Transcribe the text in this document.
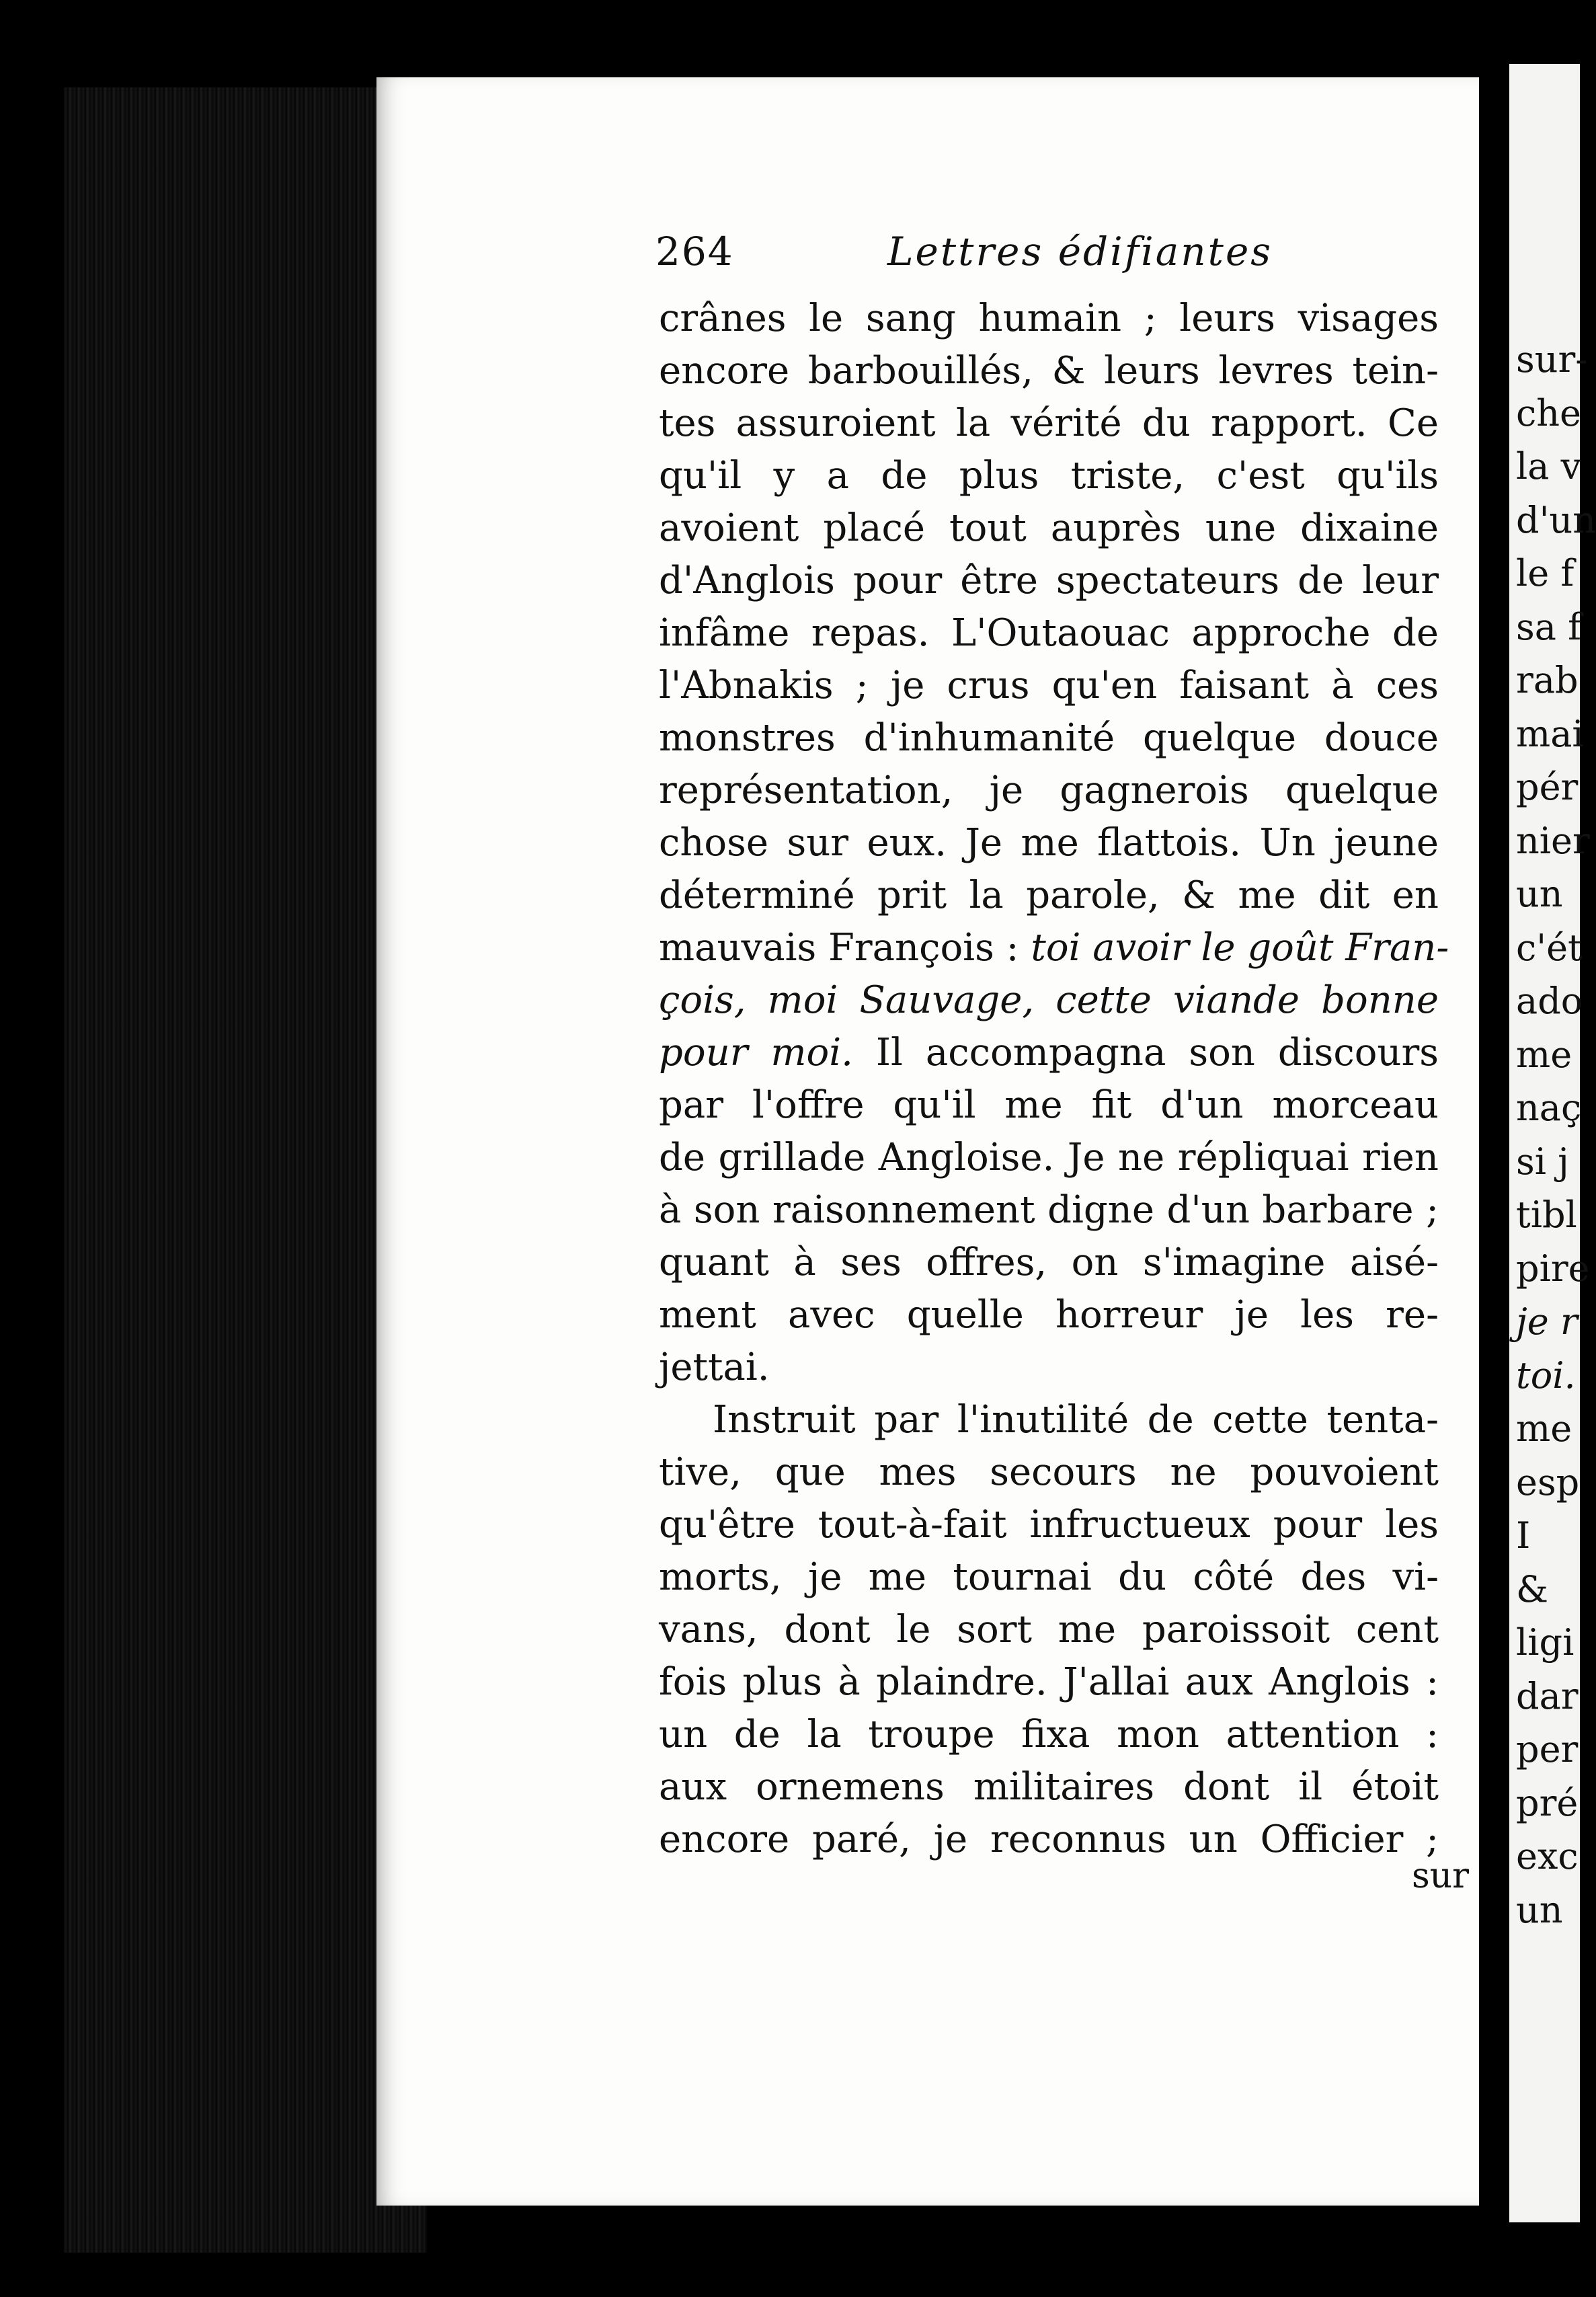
264	Lettres édifiantes
crânes le sang humain ; leurs visages
encore barbouillés, & leurs levres tein-
tes assuroient la vérité du rapport. Ce
qu'il y a de plus triste, c'est qu'ils
avoient placé tout auprès une dixaine
d'Anglois pour être spectateurs de leur
infâme repas. L'Outaouac approche de
l'Abnakis ; je crus qu'en faisant à ces
monstres d'inhumanité quelque douce
représentation, je gagnerois quelque
chose sur eux. Je me flattois. Un jeune
déterminé prit la parole, & me dit en
mauvais François : toi avoir le goût Fran-
çois, moi Sauvage, cette viande bonne
pour moi. Il accompagna son discours
par l'offre qu'il me fit d'un morceau
de grillade Angloise. Je ne répliquai rien
à son raisonnement digne d'un barbare ;
quant à ses offres, on s'imagine aisé-
ment avec quelle horreur je les re-
jettai.
Instruit par l'inutilité de cette tenta-
tive, que mes secours ne pouvoient
qu'être tout-à-fait infructueux pour les
morts, je me tournai du côté des vi-
vans, dont le sort me paroissoit cent
fois plus à plaindre. J'allai aux Anglois :
un de la troupe fixa mon attention :
aux ornemens militaires dont il étoit
encore paré, je reconnus un Officier ;
sur
sur-
che
la v
d'un
le f
sa f
rab
mai
pér
nier
un
c'ét
ado
me
naç
si j
tibl
pire
je r
toi.
me
esp
I
&
ligi
dar
per
pré
exc
un
